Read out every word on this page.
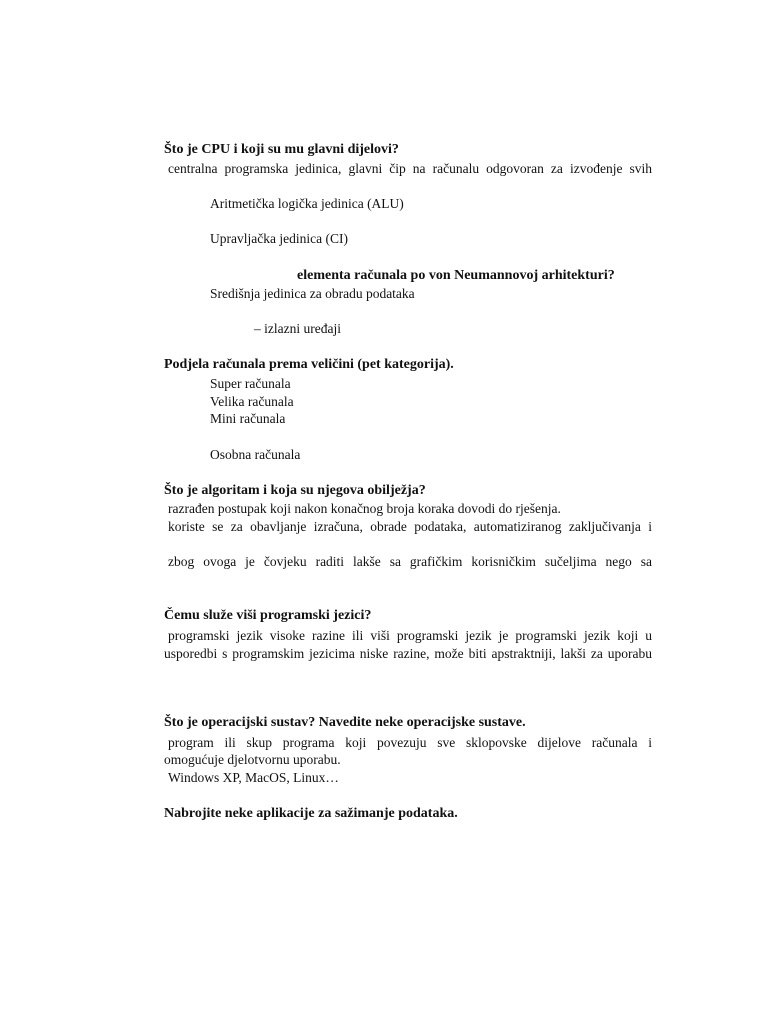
Što je CPU i koji su mu glavni dijelovi?
centralna programska jedinica, glavni čip na računalu odgovoran za izvođenje svih
Aritmetička logička jedinica (ALU)
Upravljačka jedinica (CI)
elementa računala po von Neumannovoj arhitekturi?
Središnja jedinica za obradu podataka
– izlazni uređaji
Podjela računala prema veličini (pet kategorija).
Super računala
Velika računala
Mini računala
Osobna računala
Što je algoritam i koja su njegova obilježja?
razrađen postupak koji nakon konačnog broja koraka dovodi do rješenja.
koriste se za obavljanje izračuna, obrade podataka, automatiziranog zaključivanja i
zbog ovoga je čovjeku raditi lakše sa grafičkim korisničkim sučeljima nego sa
Čemu služe viši programski jezici?
programski jezik visoke razine ili viši programski jezik je programski jezik koji u
usporedbi s programskim jezicima niske razine, može biti apstraktniji, lakši za uporabu
Što je operacijski sustav? Navedite neke operacijske sustave.
program ili skup programa koji povezuju sve sklopovske dijelove računala i
omogućuje djelotvornu uporabu.
Windows XP, MacOS, Linux…
Nabrojite neke aplikacije za sažimanje podataka.
